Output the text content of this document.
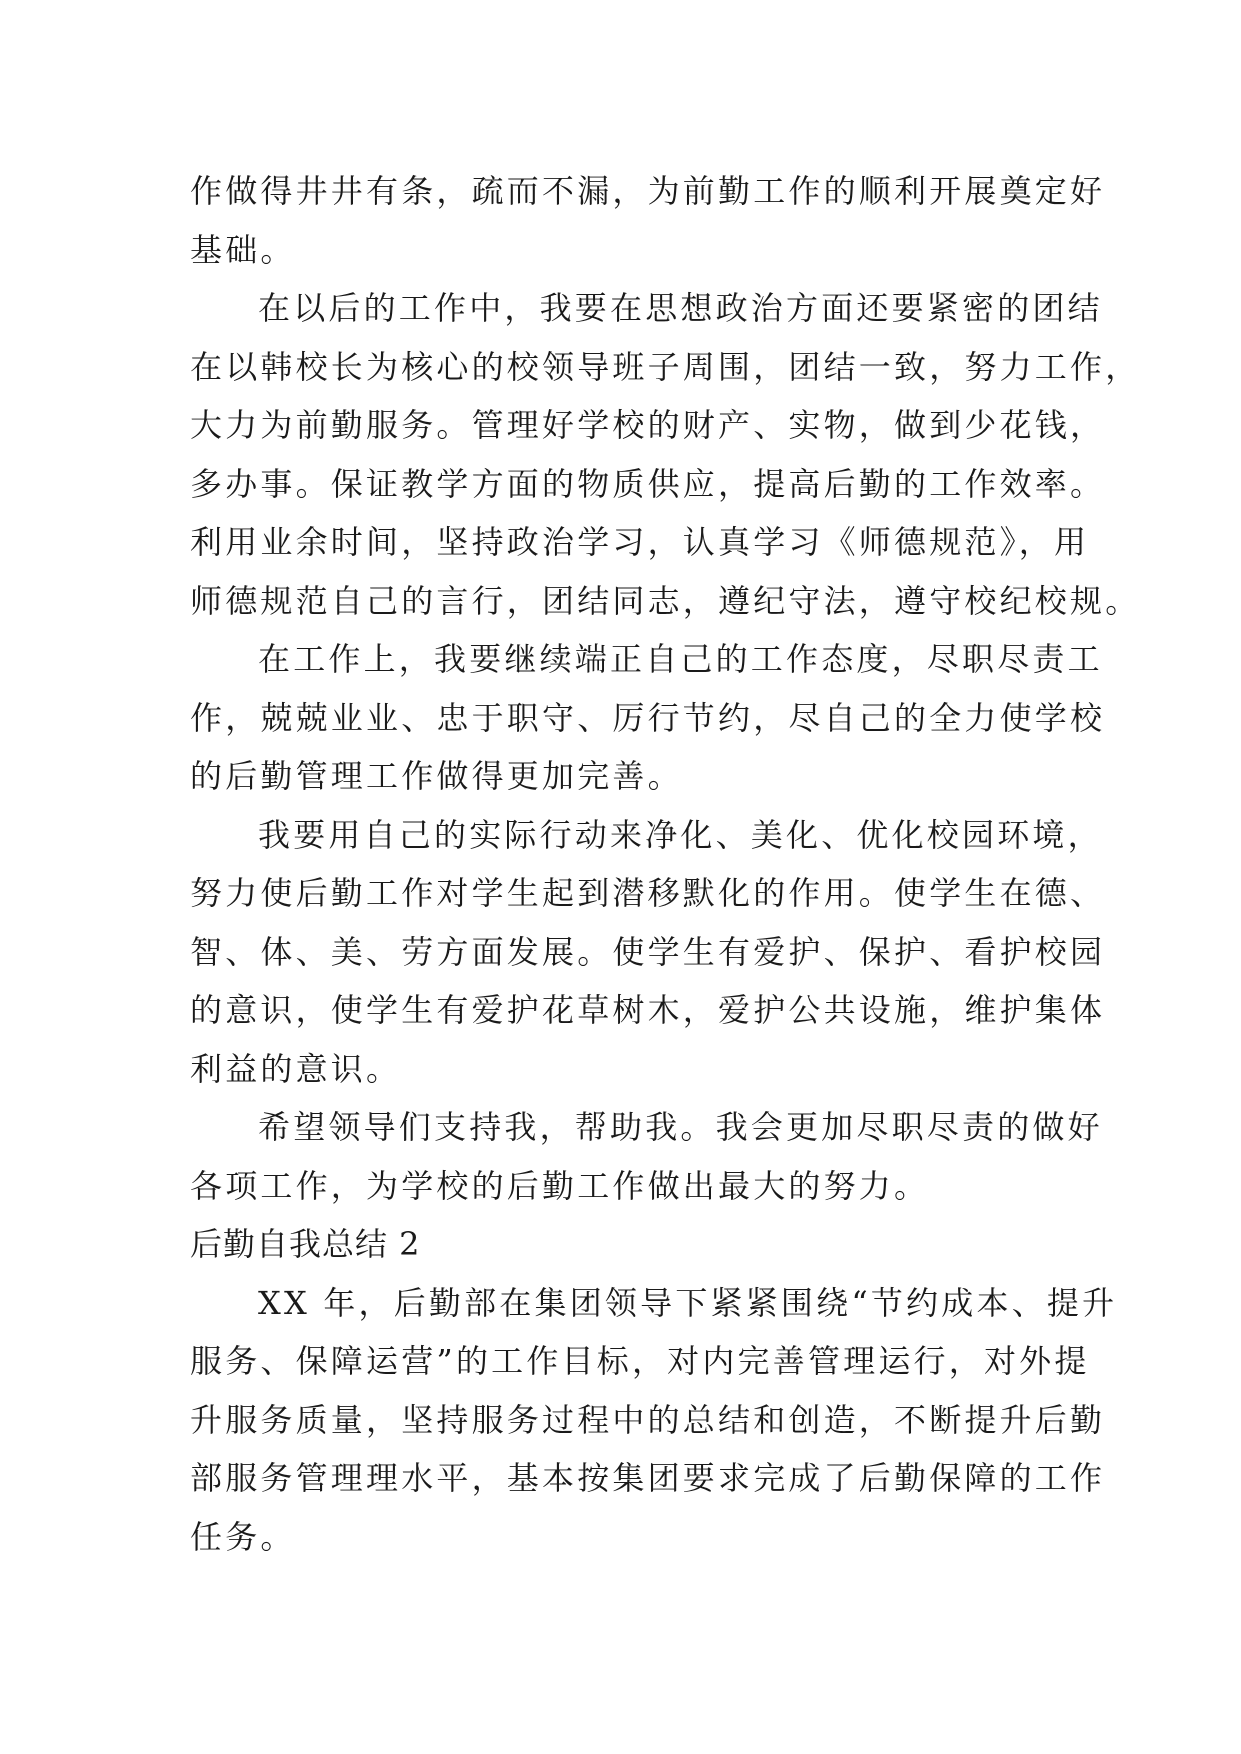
作做得井井有条，疏而不漏，为前勤工作的顺利开展奠定好
基础。
在以后的工作中，我要在思想政治方面还要紧密的团结
在以韩校长为核心的校领导班子周围，团结一致，努力工作，
大力为前勤服务。管理好学校的财产、实物，做到少花钱，
多办事。保证教学方面的物质供应，提高后勤的工作效率。
利用业余时间，坚持政治学习，认真学习《师德规范》，用
师德规范自己的言行，团结同志，遵纪守法，遵守校纪校规。
在工作上，我要继续端正自己的工作态度，尽职尽责工
作，兢兢业业、忠于职守、厉行节约，尽自己的全力使学校
的后勤管理工作做得更加完善。
我要用自己的实际行动来净化、美化、优化校园环境，
努力使后勤工作对学生起到潜移默化的作用。使学生在德、
智、体、美、劳方面发展。使学生有爱护、保护、看护校园
的意识，使学生有爱护花草树木，爱护公共设施，维护集体
利益的意识。
希望领导们支持我，帮助我。我会更加尽职尽责的做好
各项工作，为学校的后勤工作做出最大的努力。
后勤自我总结 2
XX 年，后勤部在集团领导下紧紧围绕“节约成本、提升
服务、保障运营”的工作目标，对内完善管理运行，对外提
升服务质量，坚持服务过程中的总结和创造，不断提升后勤
部服务管理理水平，基本按集团要求完成了后勤保障的工作
任务。
